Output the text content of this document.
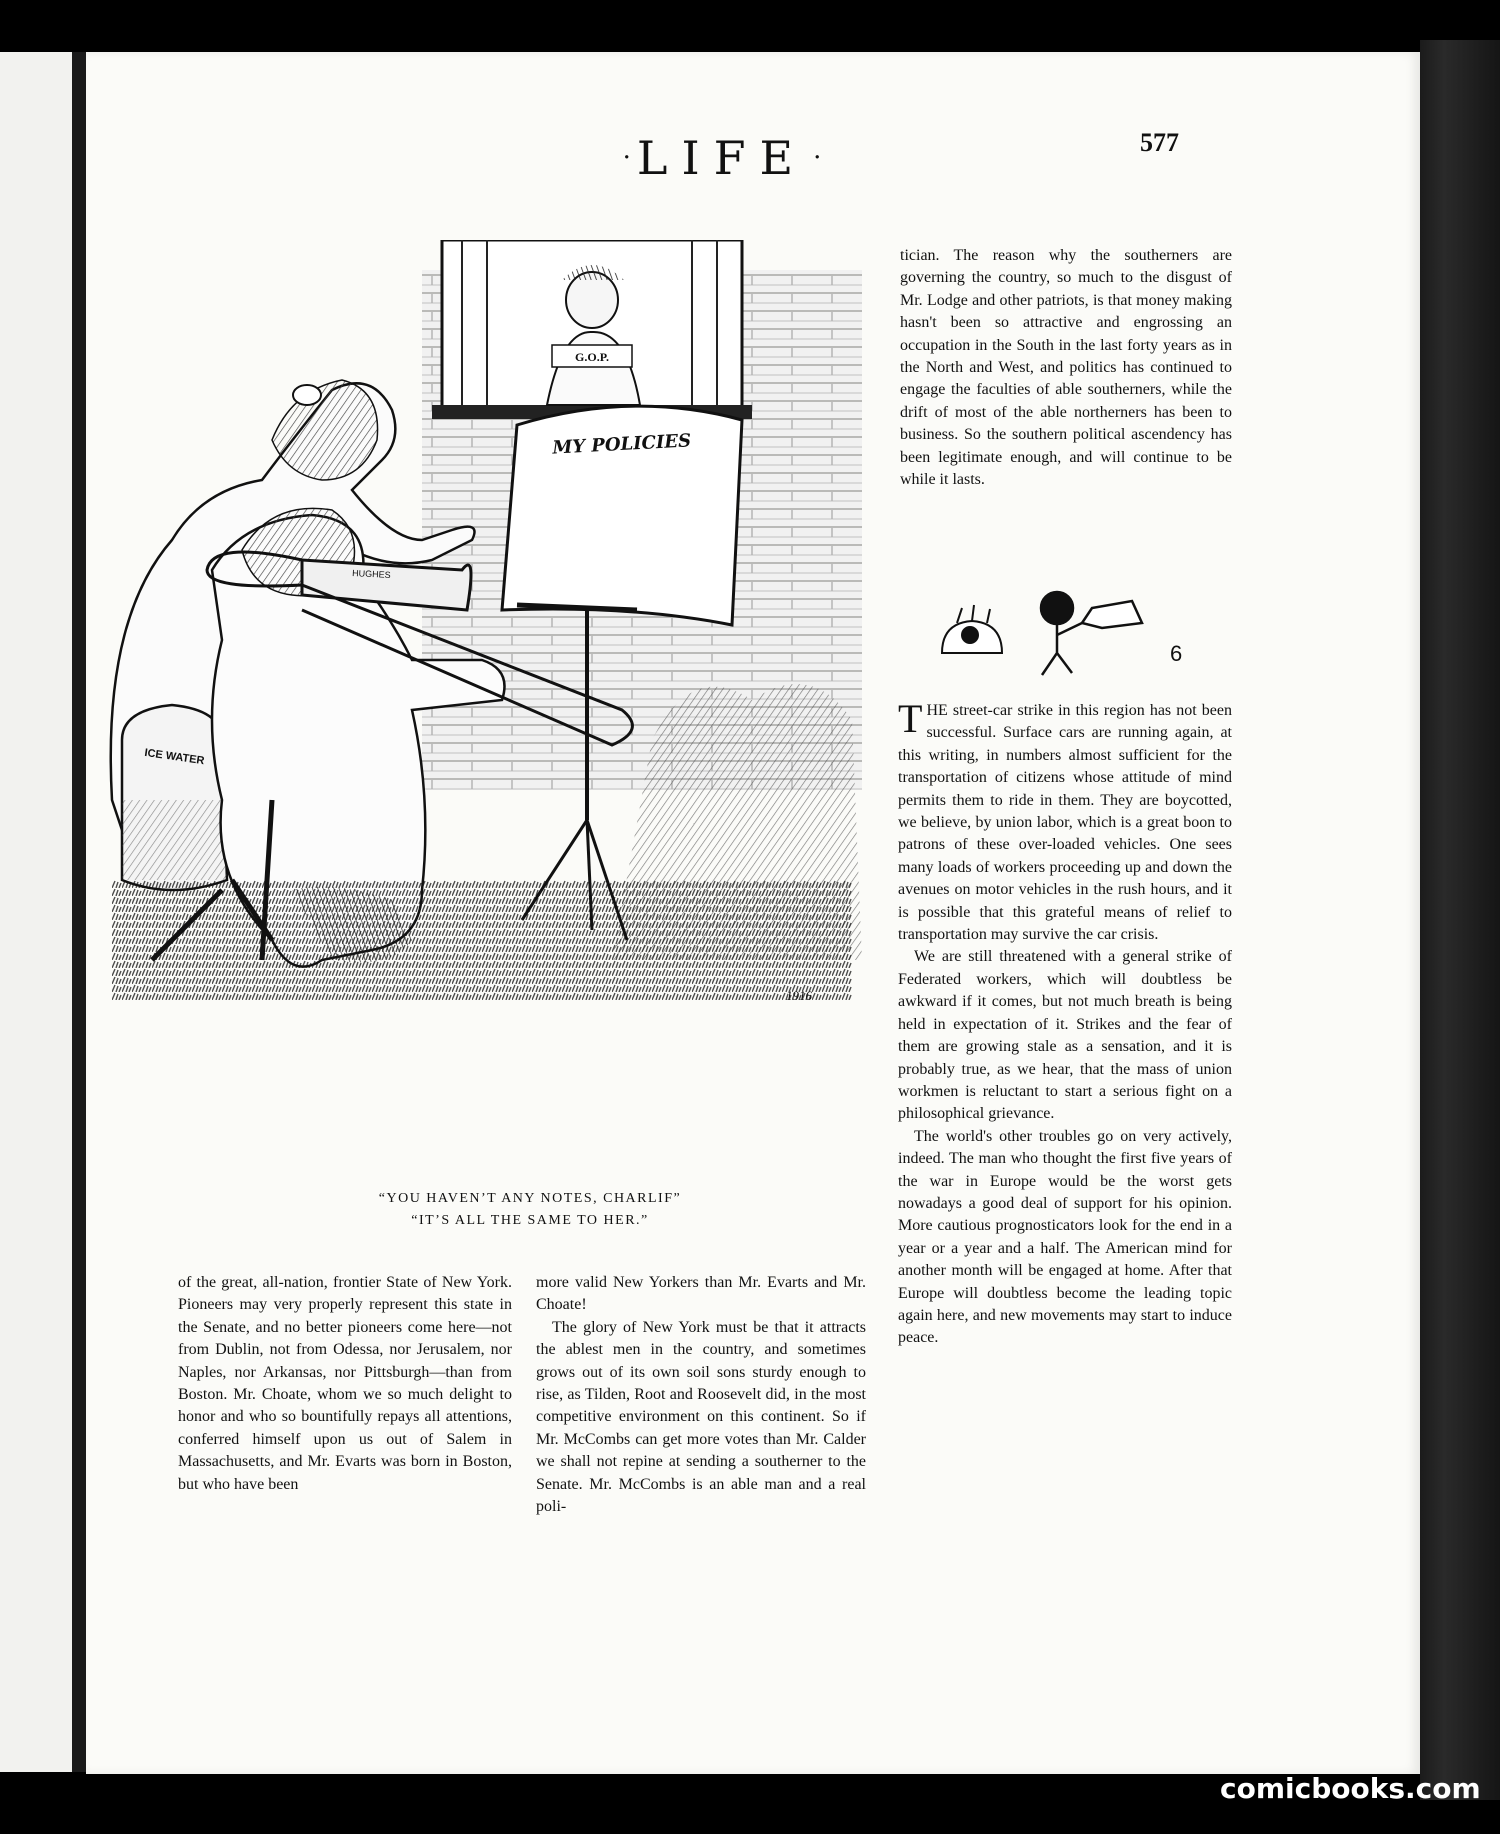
· LIFE ·
577
G.O.P.
ICE WATER
HUGHES
MY POLICIES
1916
“YOU HAVEN’T ANY NOTES, CHARLIF”
“IT’S ALL THE SAME TO HER.”

tician. The reason why the southerners are governing the country, so much to the disgust of Mr. Lodge and other patriots, is that money making hasn't been so attractive and engrossing an occupation in the South in the last forty years as in the North and West, and politics has continued to engage the faculties of able southerners, while the drift of most of the able northerners has been to business. So the southern political ascendency has been legitimate enough, and will continue to be while it lasts.

6

THE street-car strike in this region has not been successful. Surface cars are running again, at this writing, in numbers almost sufficient for the transportation of citizens whose attitude of mind permits them to ride in them. They are boycotted, we believe, by union labor, which is a great boon to patrons of these over-loaded vehicles. One sees many loads of workers proceeding up and down the avenues on motor vehicles in the rush hours, and it is possible that this grateful means of relief to transportation may survive the car crisis.

We are still threatened with a general strike of Federated workers, which will doubtless be awkward if it comes, but not much breath is being held in expectation of it. Strikes and the fear of them are growing stale as a sensation, and it is probably true, as we hear, that the mass of union workmen is reluctant to start a serious fight on a philosophical grievance.

The world's other troubles go on very actively, indeed. The man who thought the first five years of the war in Europe would be the worst gets nowadays a good deal of support for his opinion. More cautious prognosticators look for the end in a year or a year and a half. The American mind for another month will be engaged at home. After that Europe will doubtless become the leading topic again here, and new movements may start to induce peace.

of the great, all-nation, frontier State of New York. Pioneers may very properly represent this state in the Senate, and no better pioneers come here—not from Dublin, not from Odessa, nor Jerusalem, nor Naples, nor Arkansas, nor Pittsburgh—than from Boston. Mr. Choate, whom we so much delight to honor and who so bountifully repays all attentions, conferred himself upon us out of Salem in Massachusetts, and Mr. Evarts was born in Boston, but who have been

more valid New Yorkers than Mr. Evarts and Mr. Choate!

The glory of New York must be that it attracts the ablest men in the country, and sometimes grows out of its own soil sons sturdy enough to rise, as Tilden, Root and Roosevelt did, in the most competitive environment on this continent. So if Mr. McCombs can get more votes than Mr. Calder we shall not repine at sending a southerner to the Senate. Mr. McCombs is an able man and a real poli-

comicbooks.com
